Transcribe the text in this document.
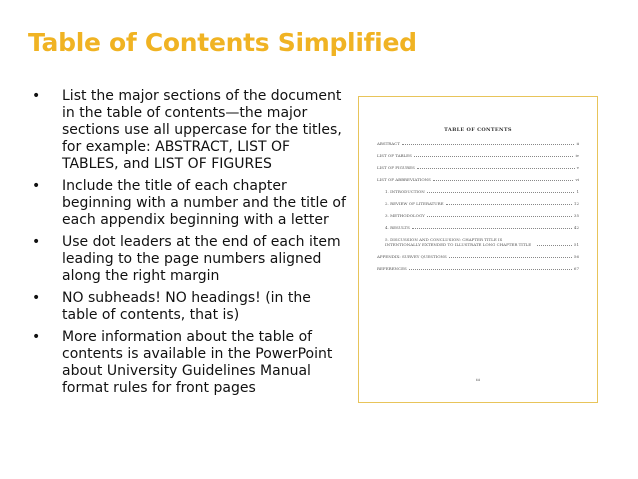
Table of Contents Simplified
• List the major sections of the document in the table of contents—the major sections use all uppercase for the titles, for example: ABSTRACT, LIST OF TABLES, and LIST OF FIGURES
• Include the title of each chapter beginning with a number and the title of each appendix beginning with a letter
• Use dot leaders at the end of each item leading to the page numbers aligned along the right margin
• NO subheads! NO headings! (in the table of contents, that is)
• More information about the table of contents is available in the PowerPoint about University Guidelines Manual format rules for front pages
TABLE OF CONTENTS
ABSTRACT	ii
LIST OF TABLES	iv
LIST OF FIGURES	v
LIST OF ABBREVIATIONS	vi
1. INTRODUCTION	1
2. REVIEW OF LITERATURE	12
3. METHODOLOGY	35
4. RESULTS	42
5. DISCUSSION AND CONCLUSION: CHAPTER TITLE IS INTENTIONALLY EXTENDED TO ILLUSTRATE LONG CHAPTER TITLE	51
APPENDIX: SURVEY QUESTIONS	56
REFERENCES	67
iii
